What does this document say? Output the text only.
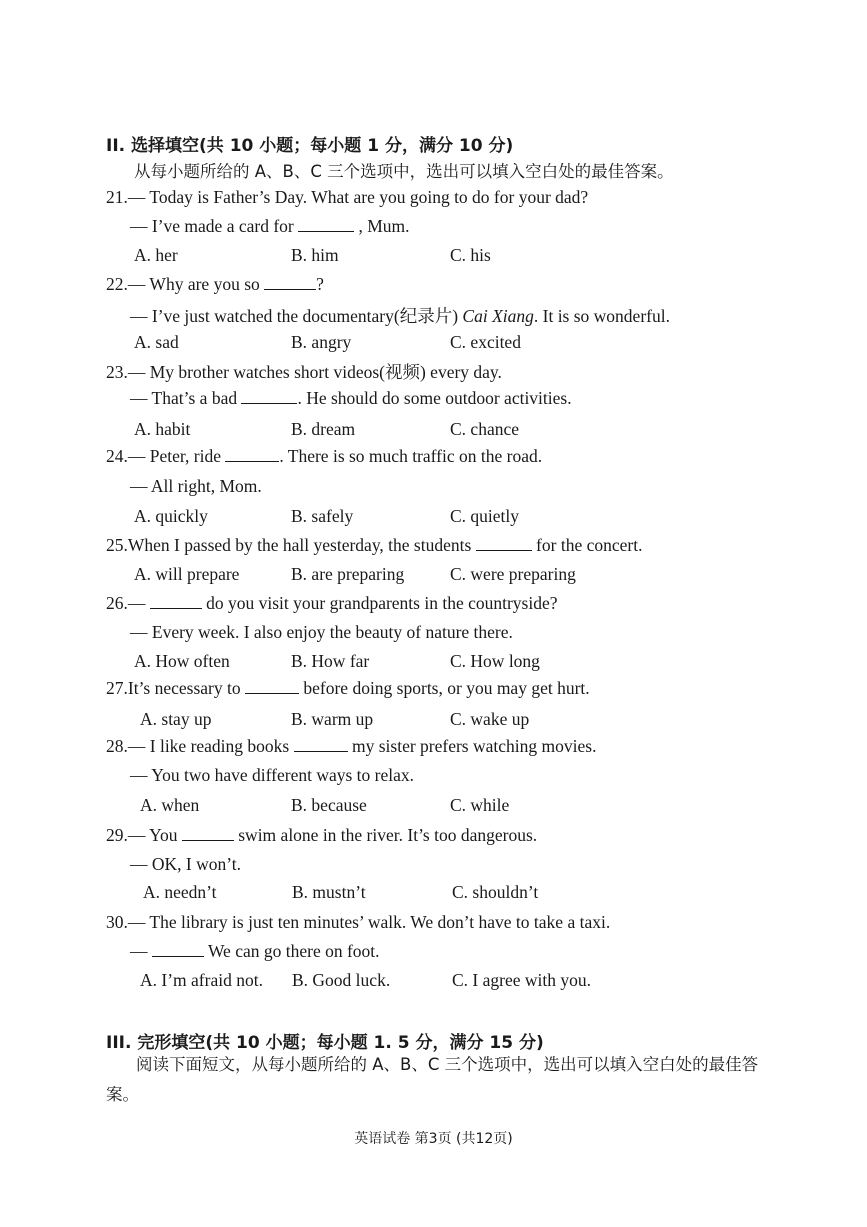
II. 选择填空(共 10 小题；每小题 1 分，满分 10 分)
从每小题所给的 A、B、C 三个选项中，选出可以填入空白处的最佳答案。
21.— Today is Father’s Day. What are you going to do for your dad?
— I’ve made a card for	, Mum.
A. her	B. him	C. his
22.— Why are you so	?
— I’ve just watched the documentary(纪录片) Cai Xiang. It is so wonderful.
A. sad	B. angry	C. excited
23.— My brother watches short videos(视频) every day.
— That’s a bad	. He should do some outdoor activities.
A. habit	B. dream	C. chance
24.— Peter, ride	. There is so much traffic on the road.
— All right, Mom.
A. quickly	B. safely	C. quietly
25.When I passed by the hall yesterday, the students	for the concert.
A. will prepare	B. are preparing	C. were preparing
26.—	do you visit your grandparents in the countryside?
— Every week. I also enjoy the beauty of nature there.
A. How often	B. How far	C. How long
27.It’s necessary to	before doing sports, or you may get hurt.
A. stay up	B. warm up	C. wake up
28.— I like reading books	my sister prefers watching movies.
— You two have different ways to relax.
A. when	B. because	C. while
29.— You	swim alone in the river. It’s too dangerous.
— OK, I won’t.
A. needn’t	B. mustn’t	C. shouldn’t
30.— The library is just ten minutes’ walk. We don’t have to take a taxi.
—	We can go there on foot.
A. I’m afraid not. B. Good luck.	C. I agree with you.
III. 完形填空(共 10 小题；每小题 1. 5 分，满分 15 分)
阅读下面短文，从每小题所给的 A、B、C 三个选项中，选出可以填入空白处的最佳答案。
英语试卷 第3页 (共12页)
